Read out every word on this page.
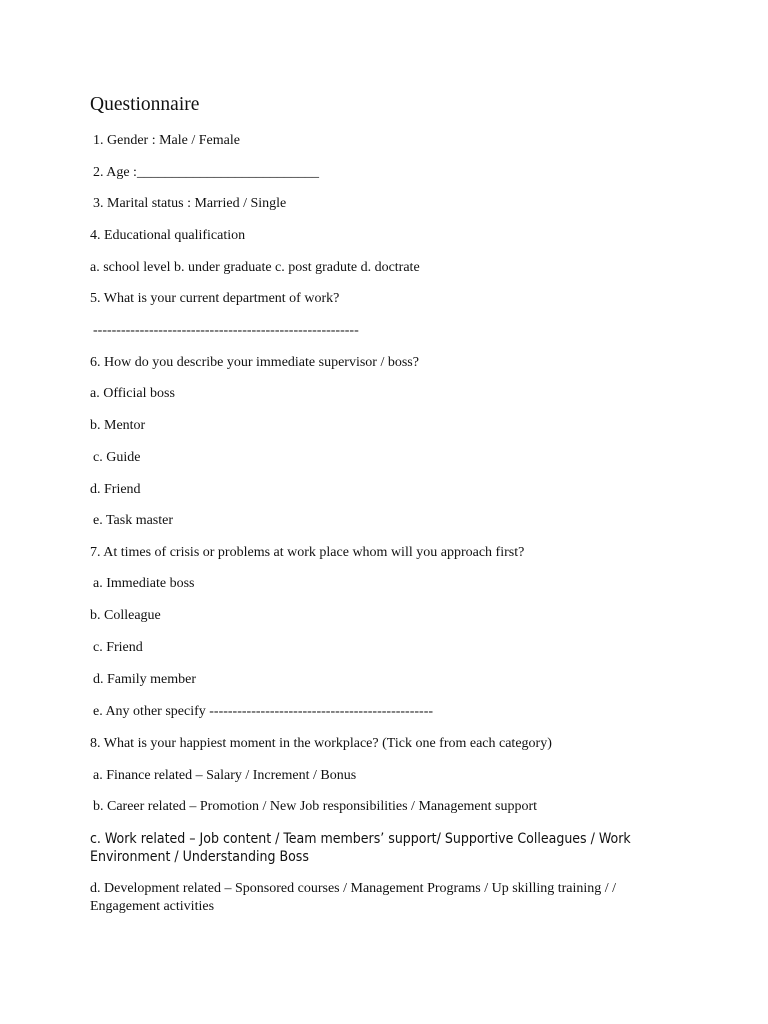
Questionnaire
1. Gender : Male / Female
2. Age :__________________________
3. Marital status : Married / Single
4. Educational qualification
a. school level b. under graduate c. post gradute d. doctrate
5. What is your current department of work?
---------------------------------------------------------
6. How do you describe your immediate supervisor / boss?
a. Official boss
b. Mentor
c. Guide
d. Friend
e. Task master
7. At times of crisis or problems at work place whom will you approach first?
a. Immediate boss
b. Colleague
c. Friend
d. Family member
e. Any other specify ------------------------------------------------
8. What is your happiest moment in the workplace? (Tick one from each category)
a. Finance related – Salary / Increment / Bonus
b. Career related – Promotion / New Job responsibilities / Management support
c. Work related – Job content / Team members’ support/ Supportive Colleagues / Work Environment / Understanding Boss
d. Development related – Sponsored courses / Management Programs / Up skilling training / / Engagement activities
